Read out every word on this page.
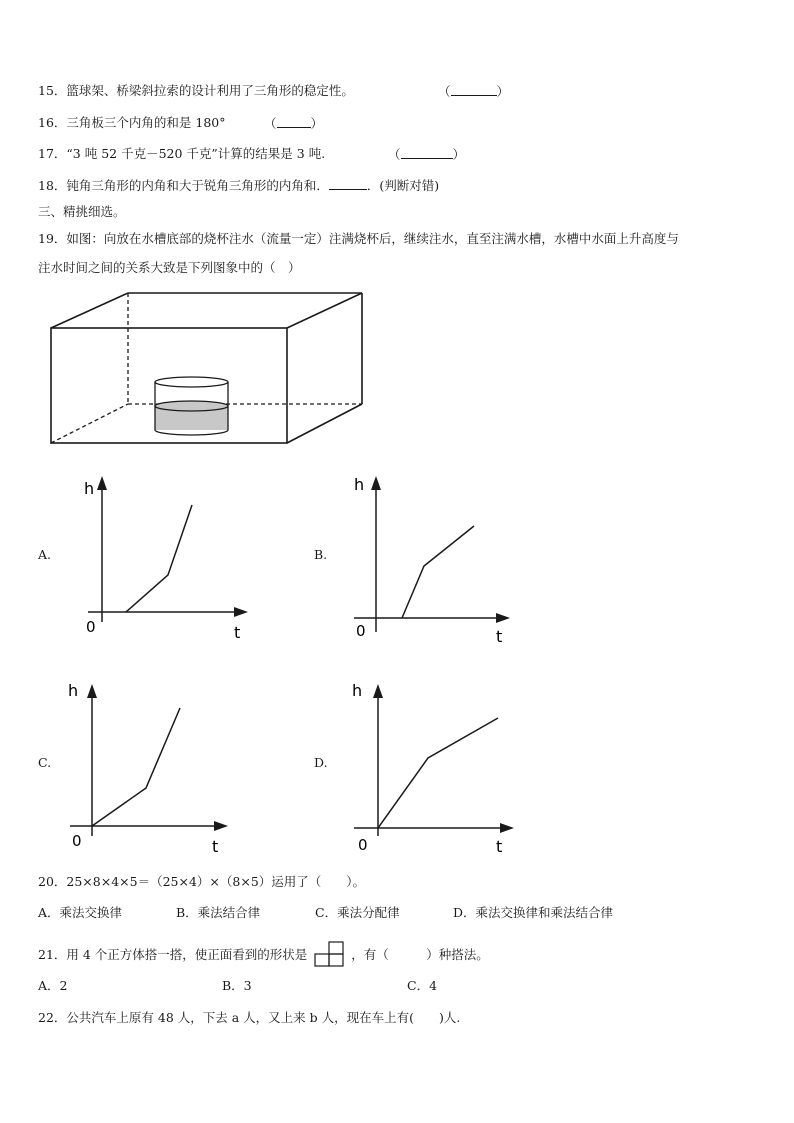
15．篮球架、桥梁斜拉索的设计利用了三角形的稳定性。	（	）
16．三角板三个内角的和是 180°	（	）
17．“3 吨 52 千克－520 千克”计算的结果是 3 吨.	（	）
18．钝角三角形的内角和大于锐角三角形的内角和．	．(判断对错)
三、精挑细选。
19．如图：向放在水槽底部的烧杯注水（流量一定）注满烧杯后，继续注水，直至注满水槽，水槽中水面上升高度与
注水时间之间的关系大致是下列图象中的（　）
A.	B.
C.	D.
h
t
0
h
t
0
h
t
0
h
t
0
20．25×8×4×5＝（25×4）×（8×5）运用了（　　）。
A．乘法交换律	B．乘法结合律	C．乘法分配律	D．乘法交换律和乘法结合律
21．用 4 个正方体搭一搭，使正面看到的形状是	，有（　　　）种搭法。
A．2	B．3	C．4
22．公共汽车上原有 48 人，下去 a 人，又上来 b 人，现在车上有(　　)人.
